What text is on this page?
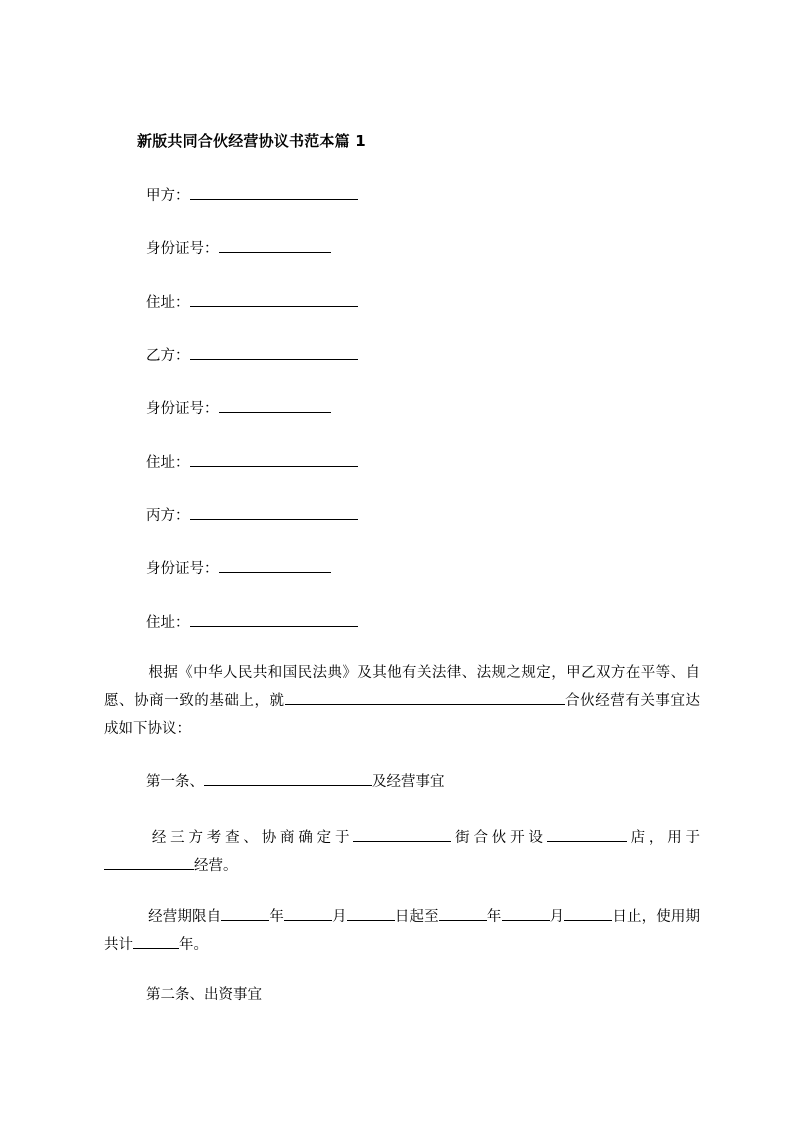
新版共同合伙经营协议书范本篇 1
甲方：
身份证号：
住址：
乙方：
身份证号：
住址：
丙方：
身份证号：
住址：
根据《中华人民共和国民法典》及其他有关法律、法规之规定，甲乙双方在平等、自愿、协商一致的基础上，就	合伙经营有关事宜达成如下协议：
第一条、	及经营事宜
经三方考查、协商确定于	街合伙开设	店，用于经营。
经营期限自	年	月	日起至	年	月	日止，使用期共计	年。
第二条、出资事宜
